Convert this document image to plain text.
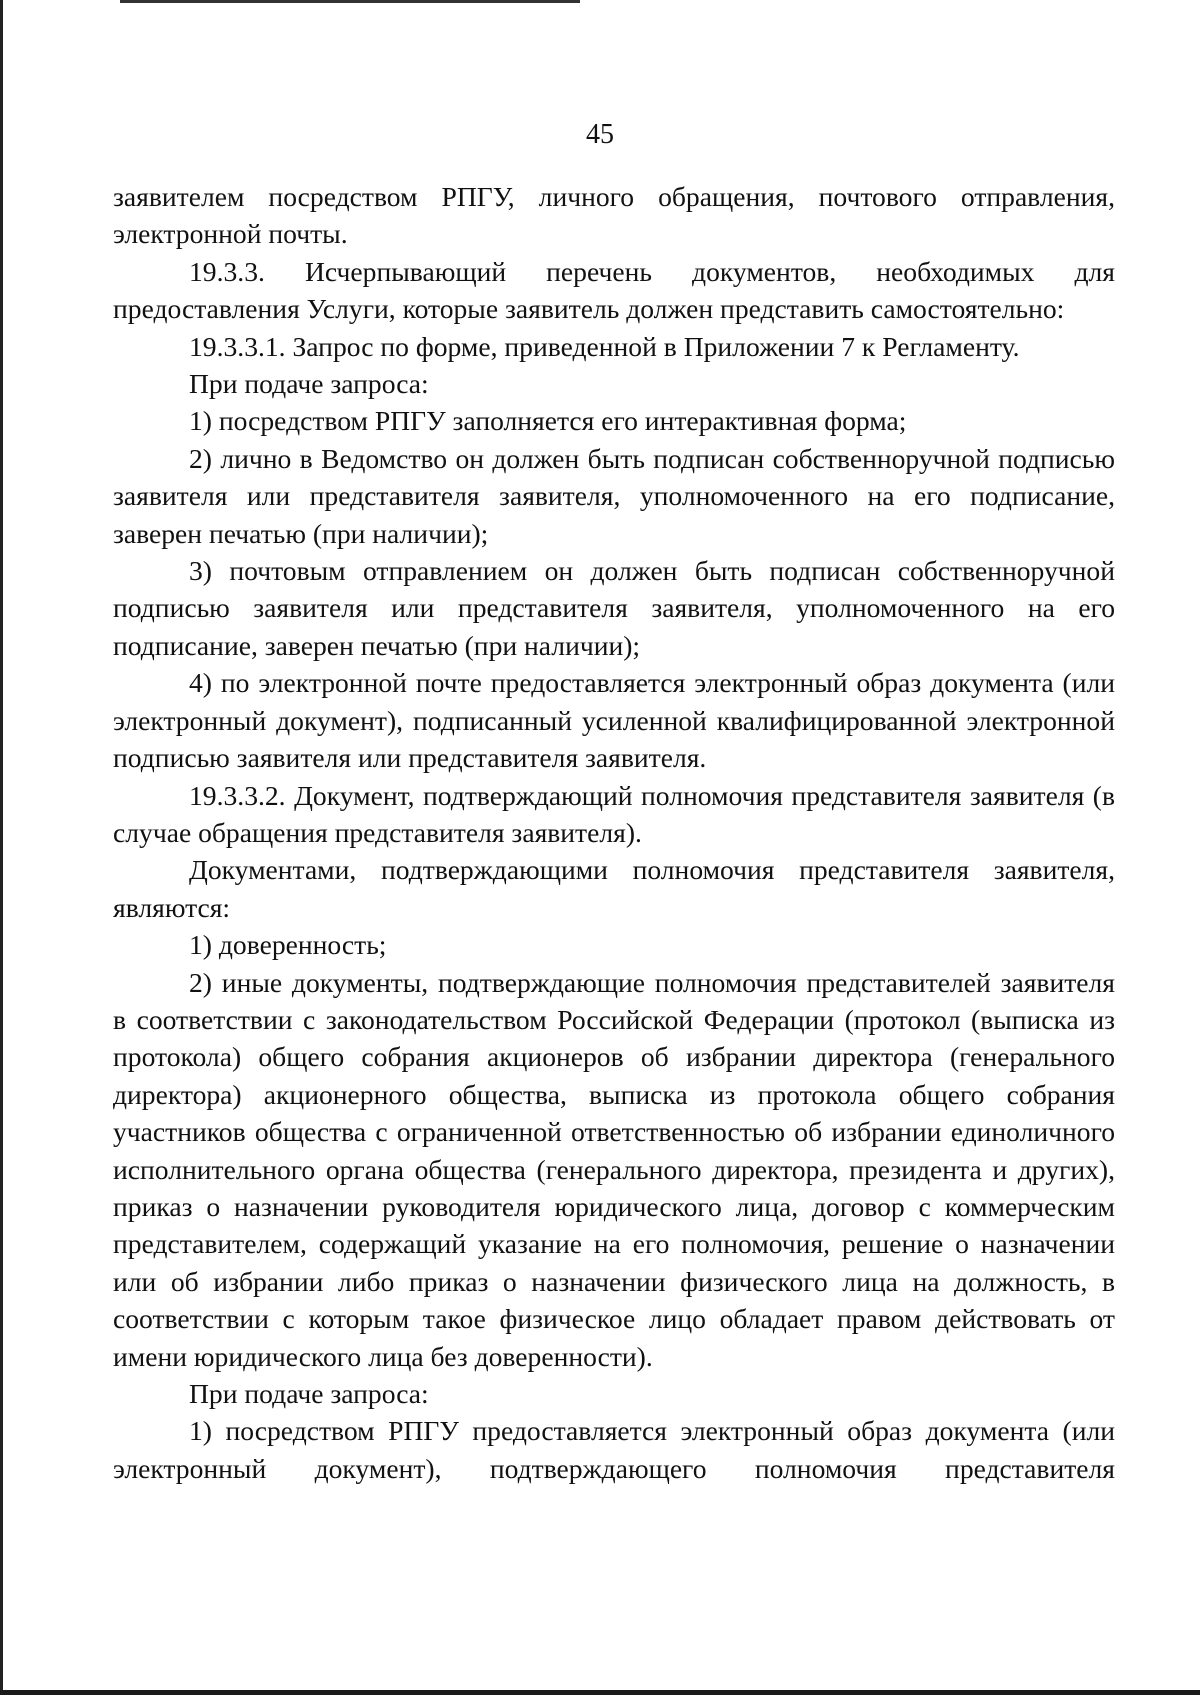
45

заявителем посредством РПГУ, личного обращения, почтового отправления, электронной почты.

19.3.3. Исчерпывающий перечень документов, необходимых для предоставления Услуги, которые заявитель должен представить самостоятельно:

19.3.3.1. Запрос по форме, приведенной в Приложении 7 к Регламенту.

При подаче запроса:

1) посредством РПГУ заполняется его интерактивная форма;

2) лично в Ведомство он должен быть подписан собственноручной подписью заявителя или представителя заявителя, уполномоченного на его подписание, заверен печатью (при наличии);

3) почтовым отправлением он должен быть подписан собственноручной подписью заявителя или представителя заявителя, уполномоченного на его подписание, заверен печатью (при наличии);

4) по электронной почте предоставляется электронный образ документа (или электронный документ), подписанный усиленной квалифицированной электронной подписью заявителя или представителя заявителя.

19.3.3.2. Документ, подтверждающий полномочия представителя заявителя (в случае обращения представителя заявителя).

Документами, подтверждающими полномочия представителя заявителя, являются:

1) доверенность;

2) иные документы, подтверждающие полномочия представителей заявителя в соответствии с законодательством Российской Федерации (протокол (выписка из протокола) общего собрания акционеров об избрании директора (генерального директора) акционерного общества, выписка из протокола общего собрания участников общества с ограниченной ответственностью об избрании единоличного исполнительного органа общества (генерального директора, президента и других), приказ о назначении руководителя юридического лица, договор с коммерческим представителем, содержащий указание на его полномочия, решение о назначении или об избрании либо приказ о назначении физического лица на должность, в соответствии с которым такое физическое лицо обладает правом действовать от имени юридического лица без доверенности).

При подаче запроса:

1) посредством РПГУ предоставляется электронный образ документа (или электронный документ), подтверждающего полномочия представителя
